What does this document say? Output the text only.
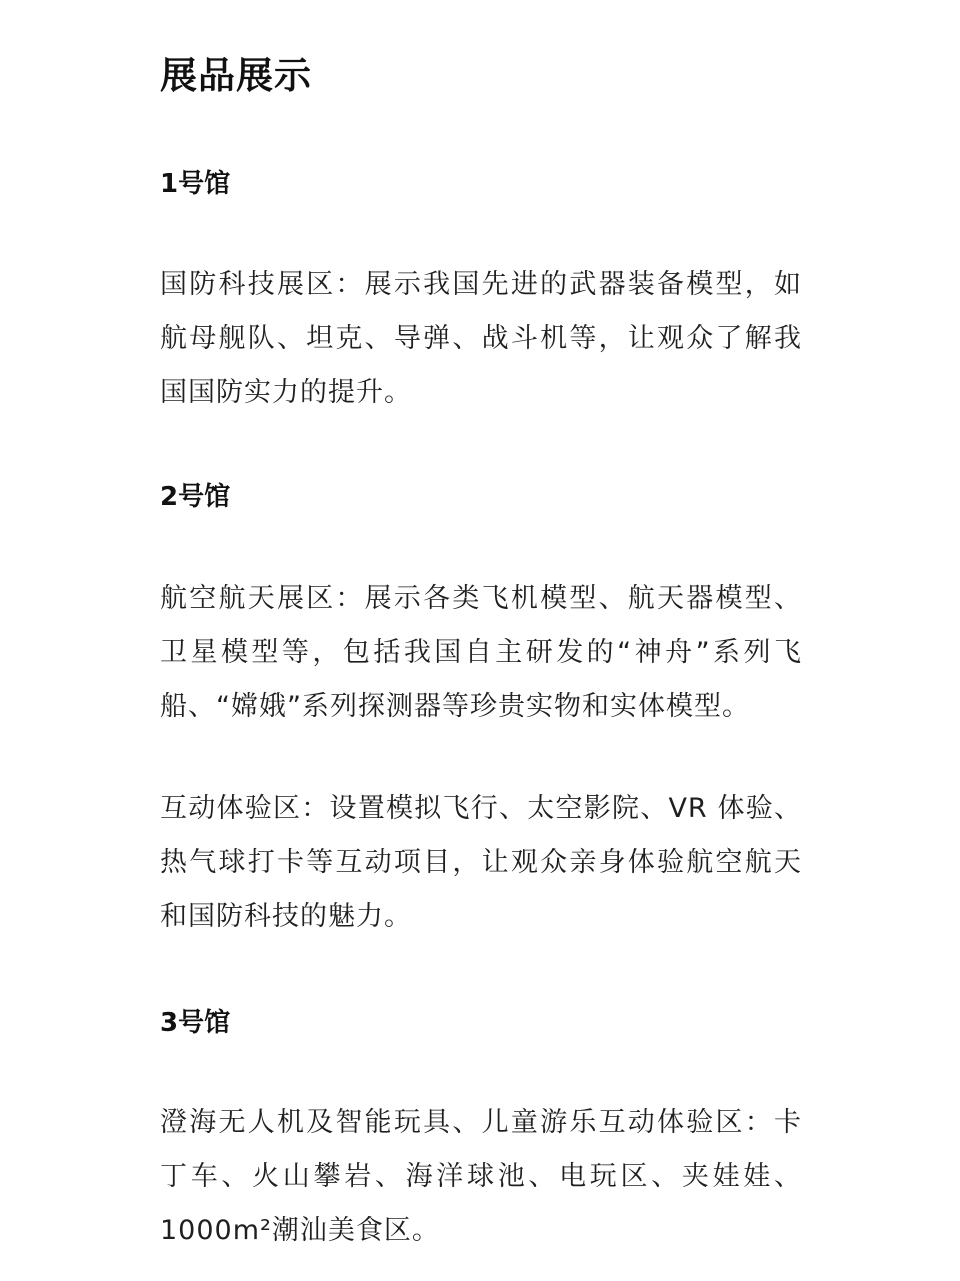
展品展示
1号馆

国防科技展区：展示我国先进的武器装备模型，如航母舰队、坦克、导弹、战斗机等，让观众了解我国国防实力的提升。

2号馆

航空航天展区：展示各类飞机模型、航天器模型、卫星模型等，包括我国自主研发的“神舟”系列飞船、“嫦娥”系列探测器等珍贵实物和实体模型。

互动体验区：设置模拟飞行、太空影院、VR 体验、热气球打卡等互动项目，让观众亲身体验航空航天和国防科技的魅力。

3号馆

澄海无人机及智能玩具、儿童游乐互动体验区：卡丁车、火山攀岩、海洋球池、电玩区、夹娃娃、1000m²潮汕美食区。
